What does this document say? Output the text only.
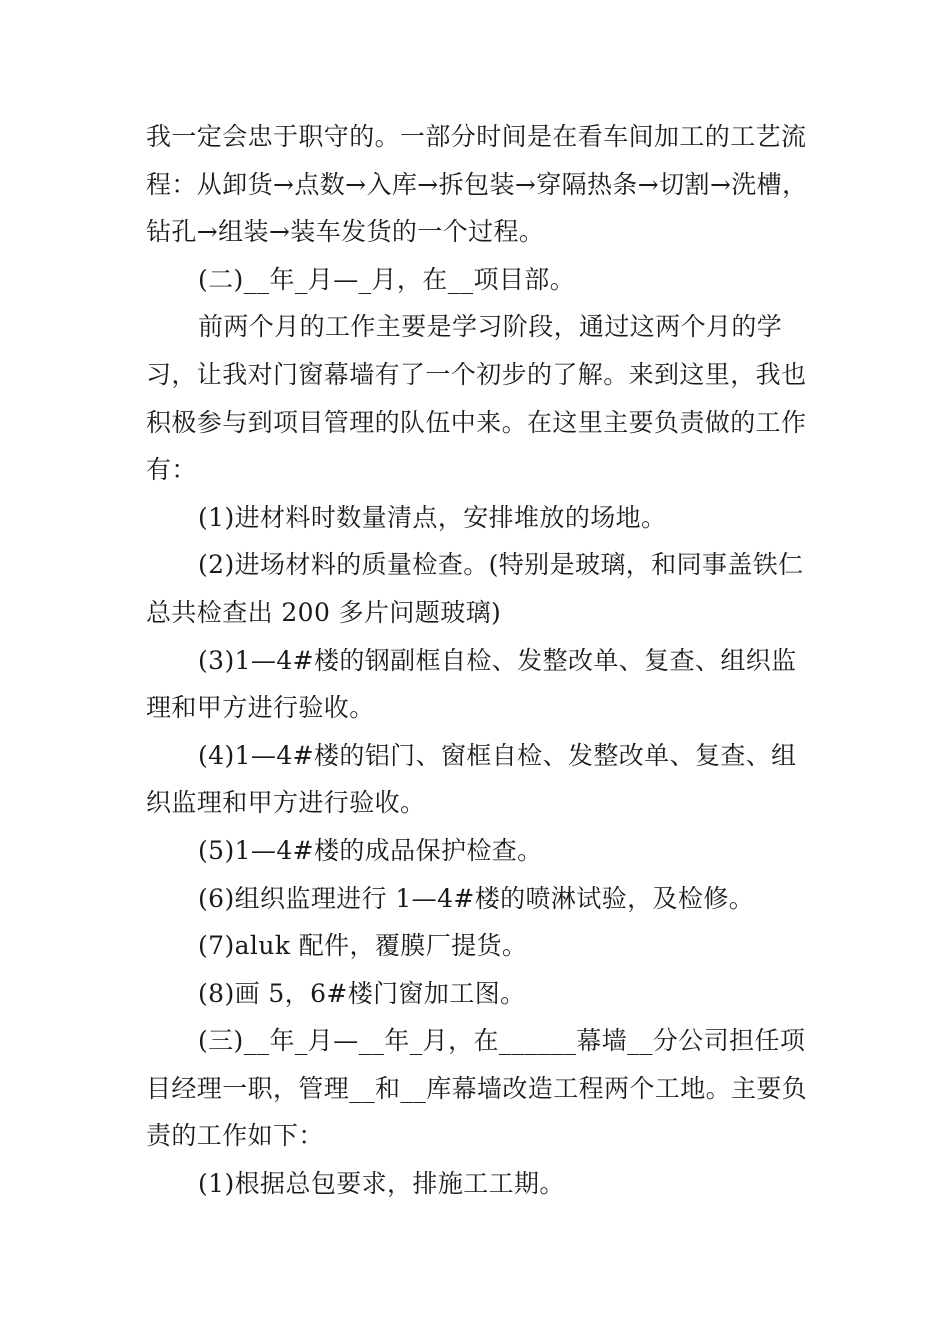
我一定会忠于职守的。一部分时间是在看车间加工的工艺流程：从卸货→点数→入库→拆包装→穿隔热条→切割→洗槽，钻孔→组装→装车发货的一个过程。

(二)__年_月—_月，在__项目部。

前两个月的工作主要是学习阶段，通过这两个月的学习，让我对门窗幕墙有了一个初步的了解。来到这里，我也积极参与到项目管理的队伍中来。在这里主要负责做的工作有：

(1)进材料时数量清点，安排堆放的场地。

(2)进场材料的质量检查。(特别是玻璃，和同事盖铁仁总共检查出 200 多片问题玻璃)

(3)1—4#楼的钢副框自检、发整改单、复查、组织监理和甲方进行验收。

(4)1—4#楼的铝门、窗框自检、发整改单、复查、组织监理和甲方进行验收。

(5)1—4#楼的成品保护检查。

(6)组织监理进行 1—4#楼的喷淋试验，及检修。

(7)aluk 配件，覆膜厂提货。

(8)画 5，6#楼门窗加工图。

(三)__年_月—__年_月，在______幕墙__分公司担任项目经理一职，管理__和__库幕墙改造工程两个工地。主要负责的工作如下：

(1)根据总包要求，排施工工期。
